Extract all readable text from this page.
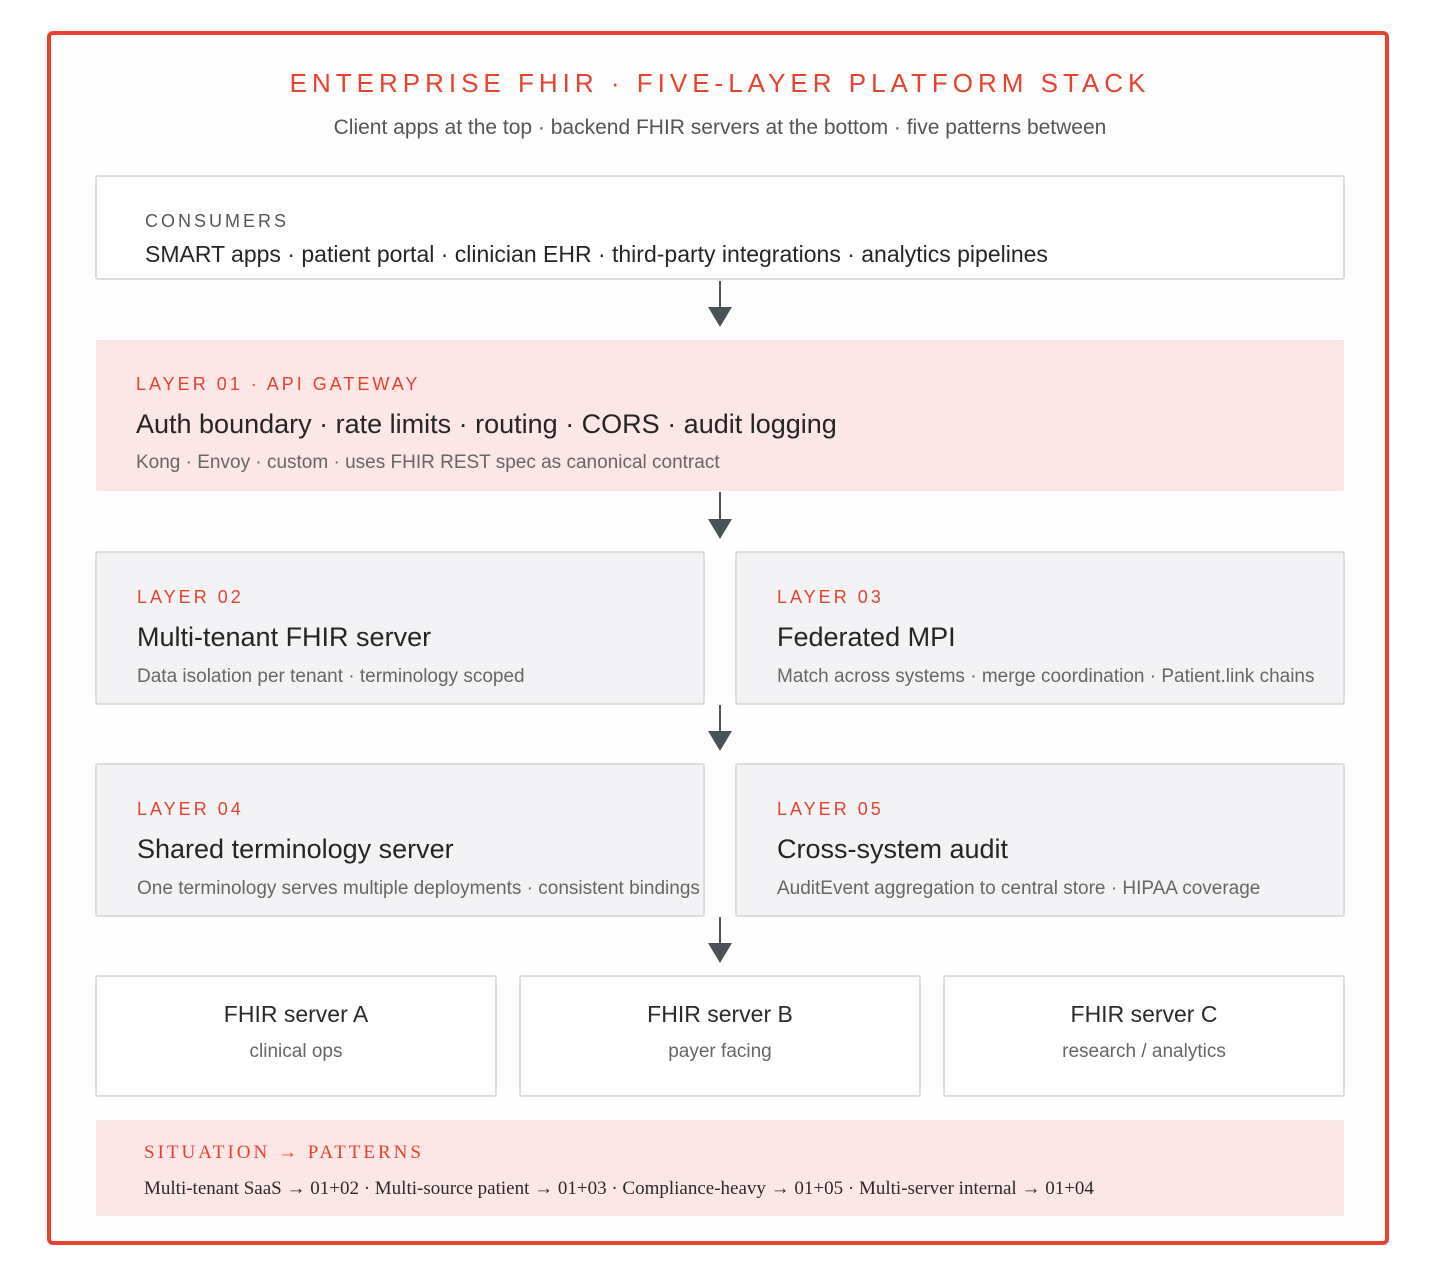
ENTERPRISE FHIR · FIVE-LAYER PLATFORM STACK
Client apps at the top · backend FHIR servers at the bottom · five patterns between
CONSUMERS
SMART apps · patient portal · clinician EHR · third-party integrations · analytics pipelines
LAYER 01 · API GATEWAY
Auth boundary · rate limits · routing · CORS · audit logging
Kong · Envoy · custom · uses FHIR REST spec as canonical contract
LAYER 02
Multi-tenant FHIR server
Data isolation per tenant · terminology scoped
LAYER 03
Federated MPI
Match across systems · merge coordination · Patient.link chains
LAYER 04
Shared terminology server
One terminology serves multiple deployments · consistent bindings
LAYER 05
Cross-system audit
AuditEvent aggregation to central store · HIPAA coverage
FHIR server A
clinical ops
FHIR server B
payer facing
FHIR server C
research / analytics
SITUATION → PATTERNS
Multi-tenant SaaS → 01+02 · Multi-source patient → 01+03 · Compliance-heavy → 01+05 · Multi-server internal → 01+04
